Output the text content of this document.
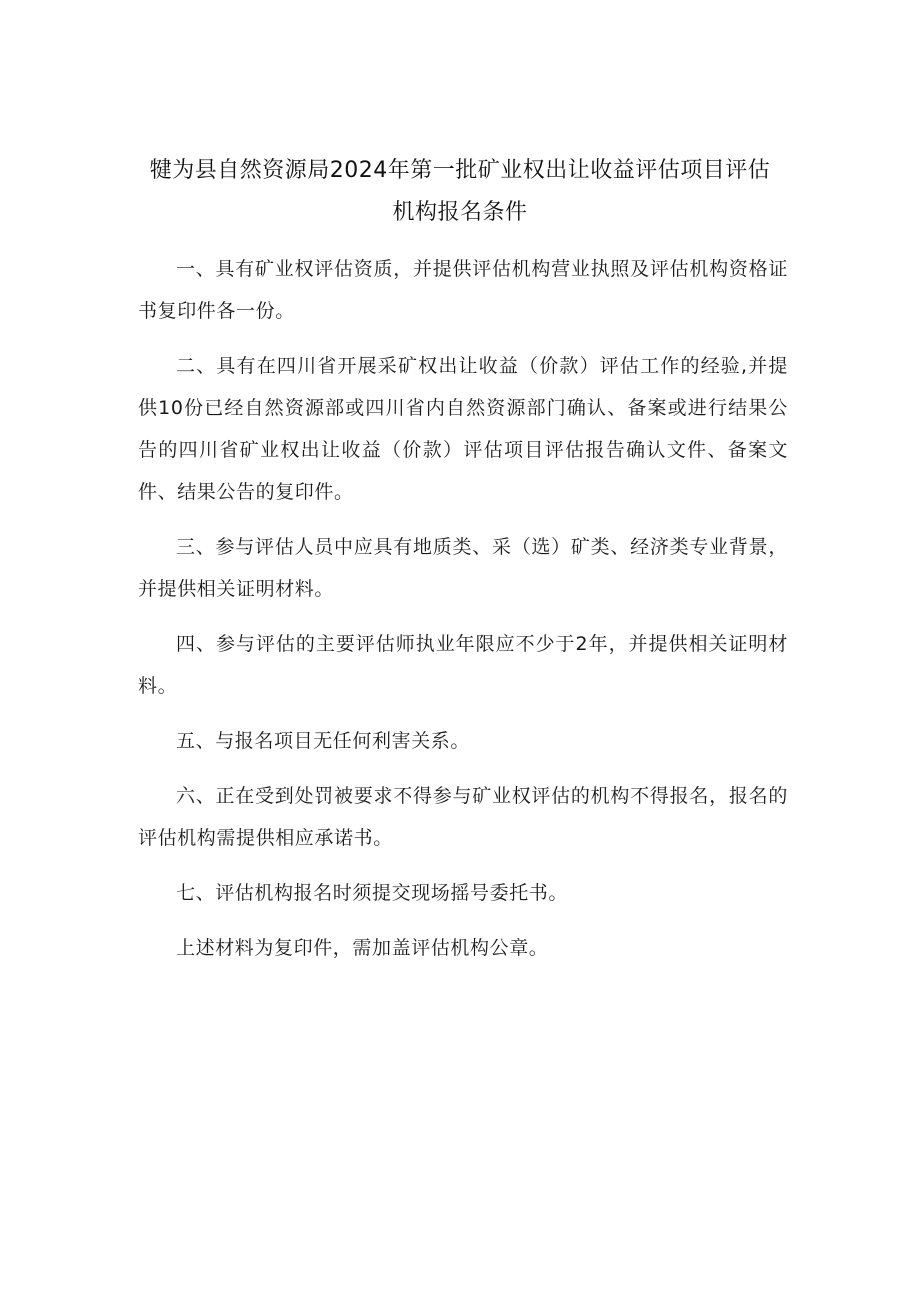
犍为县自然资源局2024年第一批矿业权出让收益评估项目评估
机构报名条件

一、具有矿业权评估资质，并提供评估机构营业执照及评估机构资格证书复印件各一份。

二、具有在四川省开展采矿权出让收益（价款）评估工作的经验,并提供10份已经自然资源部或四川省内自然资源部门确认、备案或进行结果公告的四川省矿业权出让收益（价款）评估项目评估报告确认文件、备案文件、结果公告的复印件。

三、参与评估人员中应具有地质类、采（选）矿类、经济类专业背景，并提供相关证明材料。

四、参与评估的主要评估师执业年限应不少于2年，并提供相关证明材料。

五、与报名项目无任何利害关系。

六、正在受到处罚被要求不得参与矿业权评估的机构不得报名，报名的评估机构需提供相应承诺书。

七、评估机构报名时须提交现场摇号委托书。

上述材料为复印件，需加盖评估机构公章。
